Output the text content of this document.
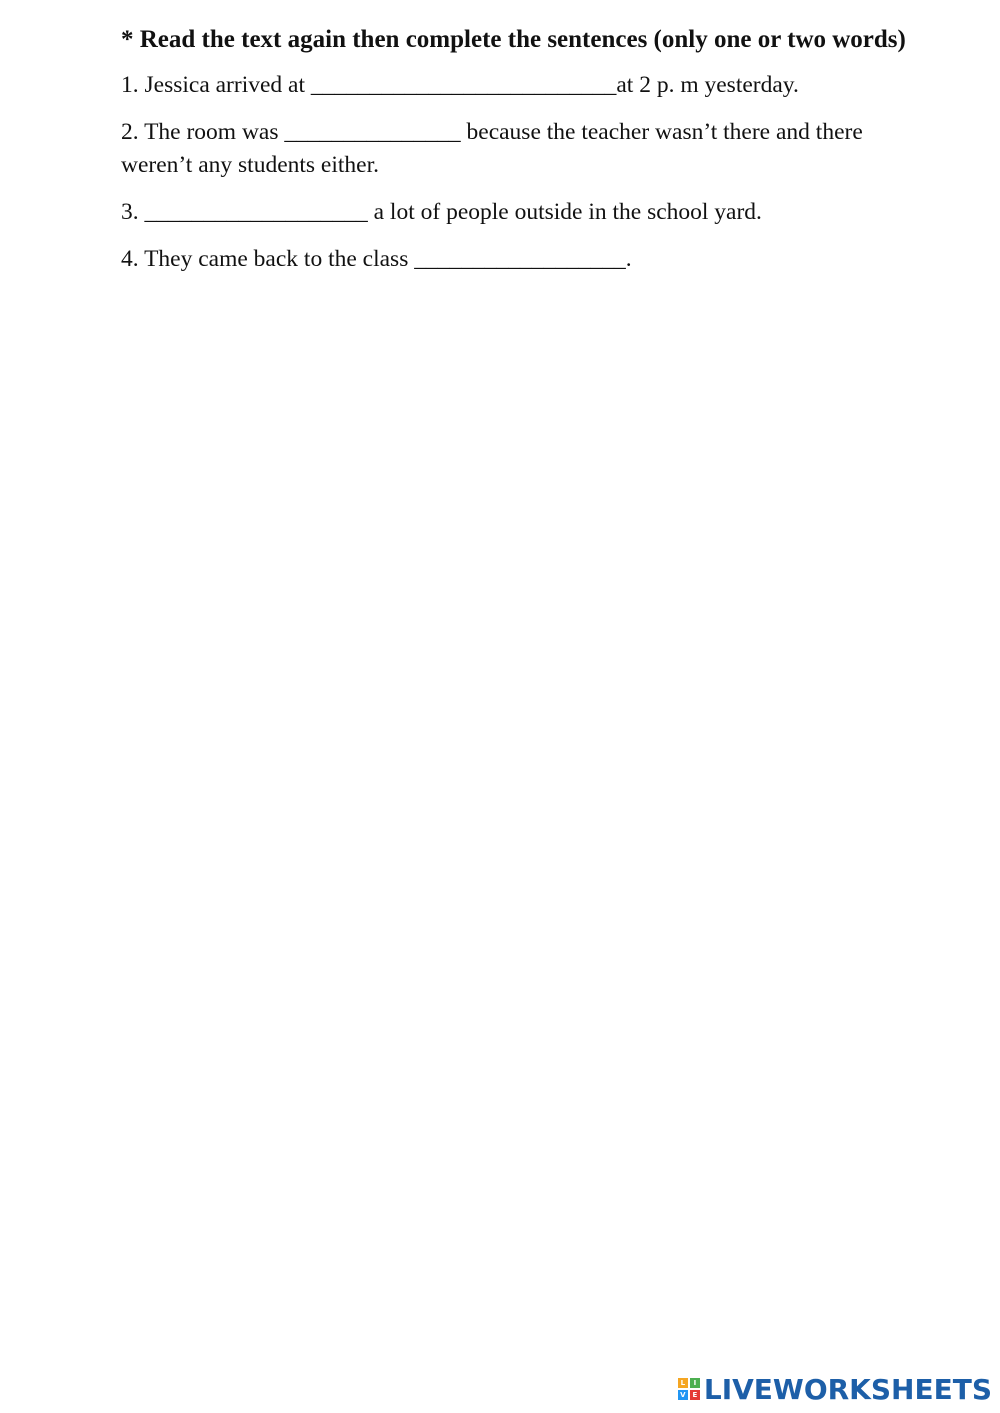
* Read the text again then complete the sentences (only one or two words)

1. Jessica arrived at __________________________at 2 p. m yesterday.

2. The room was _______________ because the teacher wasn’t there and there weren’t any students either.

3. ___________________ a lot of people outside in the school yard.

4. They came back to the class __________________.

L	I
V E LIVEWORKSHEETS
